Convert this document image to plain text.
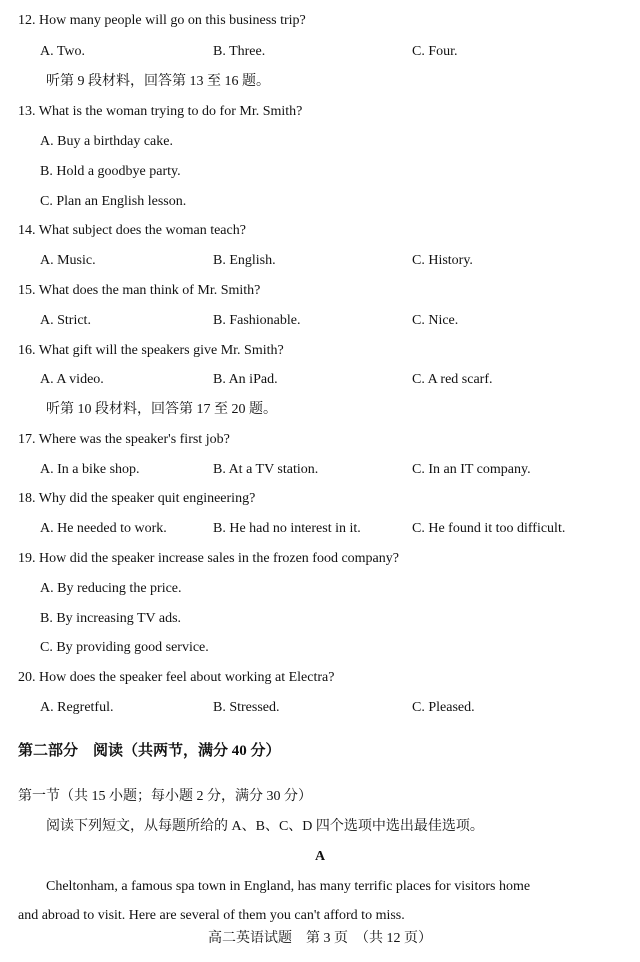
12. How many people will go on this business trip?
A. Two.	B. Three.	C. Four.
听第 9 段材料，回答第 13 至 16 题。
13. What is the woman trying to do for Mr. Smith?
A. Buy a birthday cake.
B. Hold a goodbye party.
C. Plan an English lesson.
14. What subject does the woman teach?
A. Music.	B. English.	C. History.
15. What does the man think of Mr. Smith?
A. Strict.	B. Fashionable.	C. Nice.
16. What gift will the speakers give Mr. Smith?
A. A video.	B. An iPad.	C. A red scarf.
听第 10 段材料，回答第 17 至 20 题。
17. Where was the speaker's first job?
A. In a bike shop.	B. At a TV station.	C. In an IT company.
18. Why did the speaker quit engineering?
A. He needed to work.	B. He had no interest in it.	C. He found it too difficult.
19. How did the speaker increase sales in the frozen food company?
A. By reducing the price.
B. By increasing TV ads.
C. By providing good service.
20. How does the speaker feel about working at Electra?
A. Regretful.	B. Stressed.	C. Pleased.
第二部分　阅读（共两节，满分 40 分）
第一节（共 15 小题；每小题 2 分，满分 30 分）
阅读下列短文，从每题所给的 A、B、C、D 四个选项中选出最佳选项。
A
Cheltonham, a famous spa town in England, has many terrific places for visitors home
and abroad to visit. Here are several of them you can't afford to miss.
高二英语试题　第 3 页　（共 12 页）
